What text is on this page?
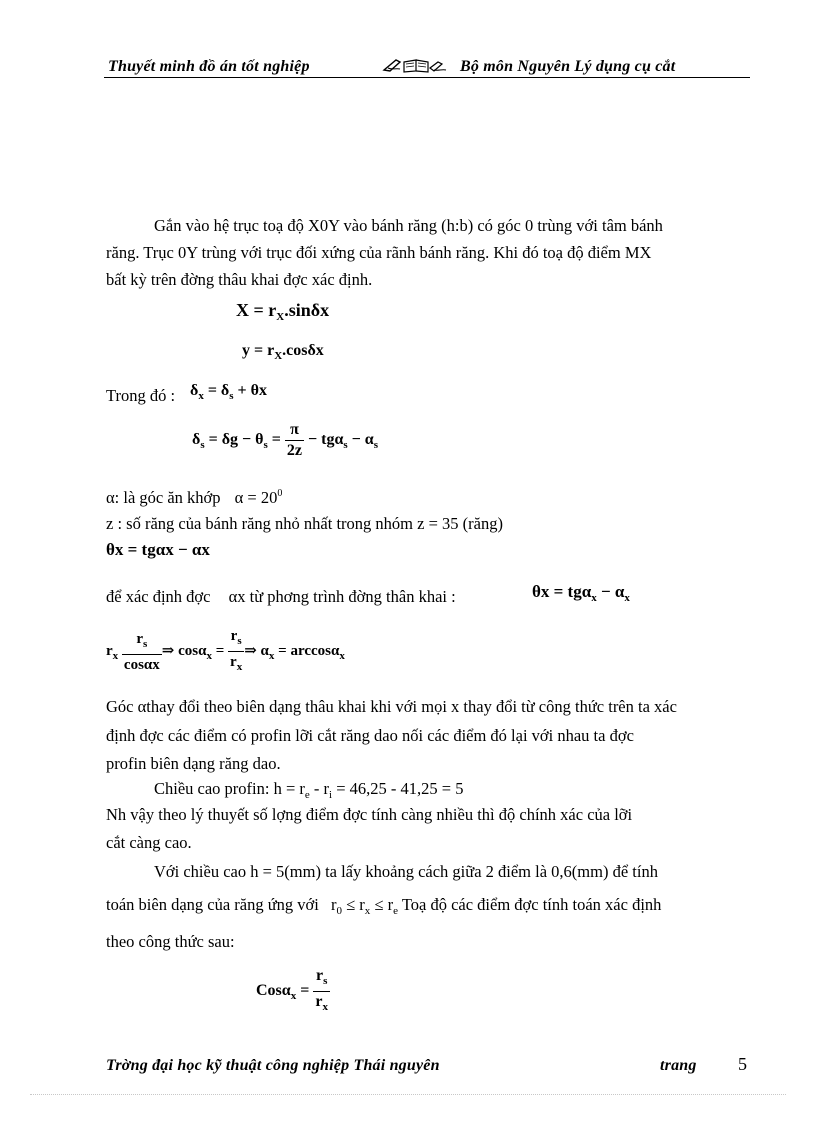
Thuyết minh đồ án tốt nghiệp	Bộ môn Nguyên Lý dụng cụ cắt
Gắn vào hệ trục toạ độ X0Y vào bánh răng (h:b) có góc 0 trùng với tâm bánh
răng. Trục 0Y trùng với trục đối xứng của rãnh bánh răng. Khi đó toạ độ điểm MX
bất kỳ trên đờng thâu khai đợc xác định.
$X = r_X.\sin\delta x$
$y = r_X.\cos\delta x$
Trong đó : $\delta_x = \delta_s + \theta x$
$\delta_s = \delta g - \theta_s = \frac{\pi}{2z} - tg\alpha_s - \alpha_s$
α: là góc ăn khớp $\alpha = 20^0$
z : số răng của bánh răng nhỏ nhất trong nhóm z = 35 (răng)
θx = tgαx − αx
để xác định đợc αx từ phơng trình đờng thân khai :	$\theta x = tg\alpha_x - \alpha_x$
$r_x \frac{r_s}{\cos\alpha x}$ ⇒ $\cos\alpha_x = \frac{r_s}{r_x}$ ⇒ $\alpha_x = \arccos\alpha_x$
Góc αthay đổi theo biên dạng thâu khai khi với mọi x thay đổi từ công thức trên ta xác
định đợc các điểm có profin lỡi cắt răng dao nối các điểm đó lại với nhau ta đợc
profin biên dạng răng dao.
Chiều cao profin: $h = r_e - r_i = 46,25 - 41,25 = 5$
Nh vậy theo lý thuyết số lợng điểm đợc tính càng nhiều thì độ chính xác của lỡi
cắt càng cao.
Với chiều cao h = 5(mm) ta lấy khoảng cách giữa 2 điểm là 0,6(mm) để tính
toán biên dạng của răng ứng với $r_0 \le r_x \le r_e$ Toạ độ các điểm đợc tính toán xác định
theo công thức sau:
$Cos\alpha_x = \frac{r_s}{r_x}$
Trờng đại học kỹ thuật công nghiệp Thái nguyên	trang 5
